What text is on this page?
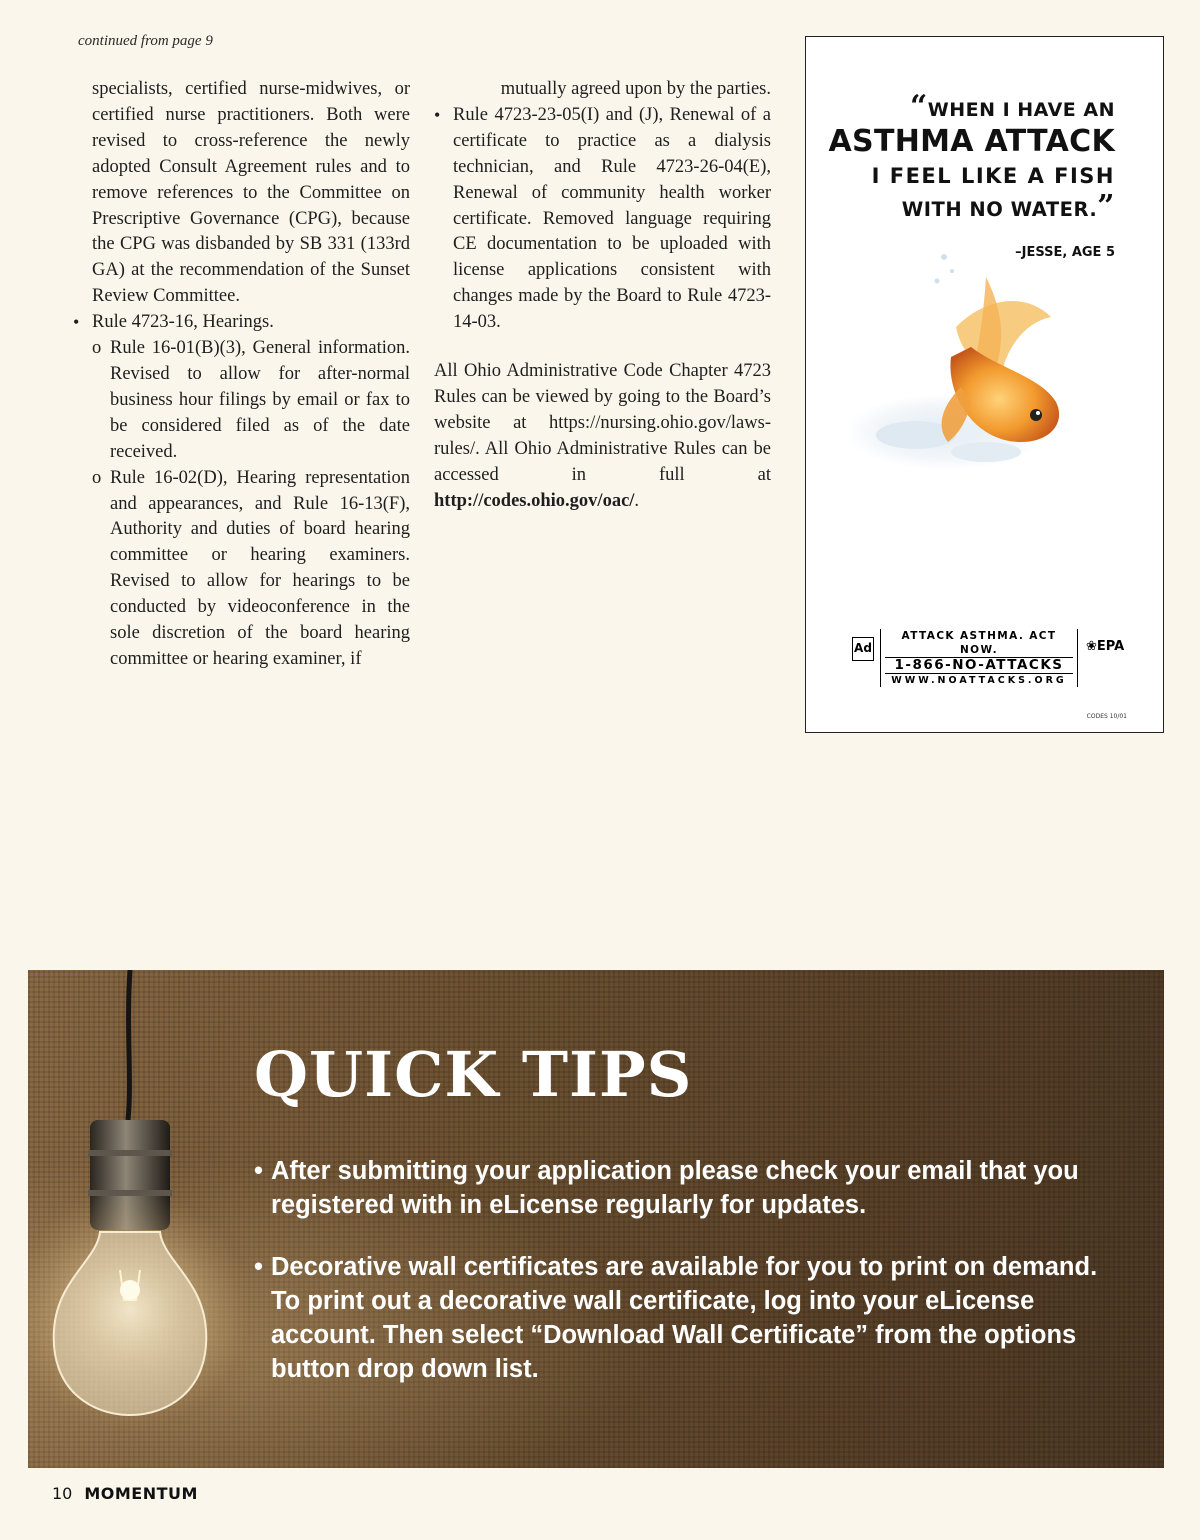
continued from page 9

specialists, certified nurse-midwives, or certified nurse practitioners. Both were revised to cross-reference the newly adopted Consult Agreement rules and to remove references to the Committee on Prescriptive Governance (CPG), because the CPG was disbanded by SB 331 (133rd GA) at the recommendation of the Sunset Review Committee.

• Rule 4723-16, Hearings.
o Rule 16-01(B)(3), General information. Revised to allow for after-normal business hour filings by email or fax to be considered filed as of the date received.
o Rule 16-02(D), Hearing representation and appearances, and Rule 16-13(F), Authority and duties of board hearing committee or hearing examiners. Revised to allow for hearings to be conducted by videoconference in the sole discretion of the board hearing committee or hearing examiner, if

mutually agreed upon by the parties.

• Rule 4723-23-05(I) and (J), Renewal of a certificate to practice as a dialysis technician, and Rule 4723-26-04(E), Renewal of community health worker certificate. Removed language requiring CE documentation to be uploaded with license applications consistent with changes made by the Board to Rule 4723-14-03.

All Ohio Administrative Code Chapter 4723 Rules can be viewed by going to the Board’s website at https://nursing.ohio.gov/laws-rules/. All Ohio Administrative Rules can be accessed in full at http://codes.ohio.gov/oac/.

“WHEN I HAVE AN
ASTHMA ATTACK
I FEEL LIKE A FISH
WITH NO WATER.”
–JESSE, AGE 5
Ad
ATTACK ASTHMA. ACT NOW.
1-866-NO-ATTACKS
WWW.NOATTACKS.ORG
❀EPA
CODES 10/01
QUICK TIPS
• After submitting your application please check your email that you registered with in eLicense regularly for updates.
• Decorative wall certificates are available for you to print on demand. To print out a decorative wall certificate, log into your eLicense account. Then select “Download Wall Certificate” from the options button drop down list.
10 MOMENTUM
